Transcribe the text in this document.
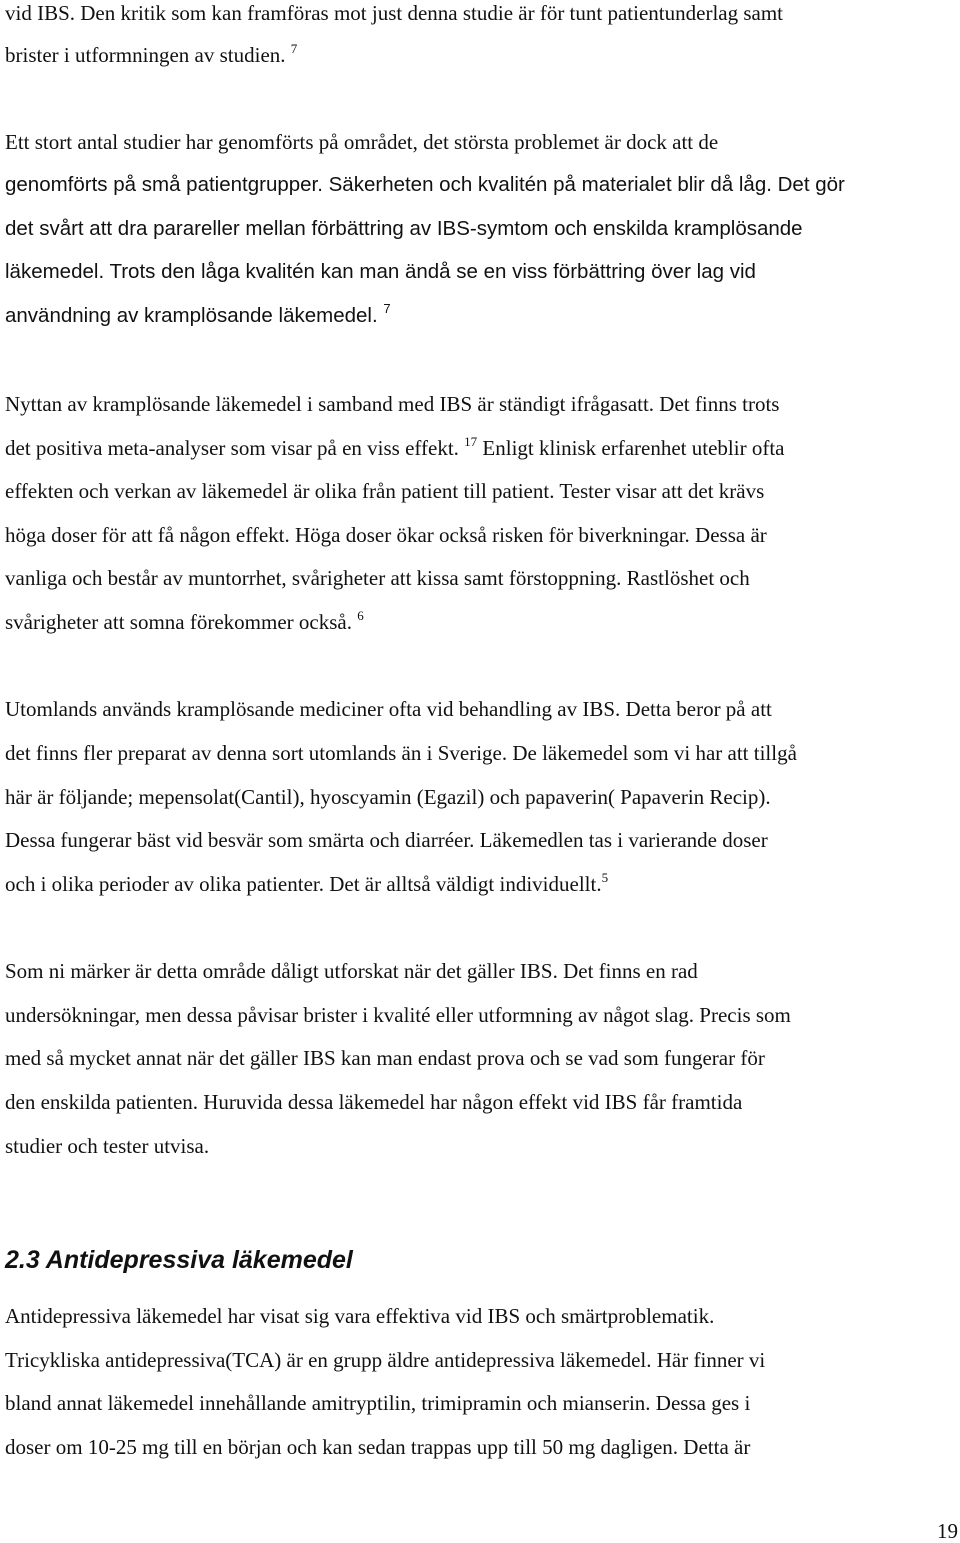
vid IBS. Den kritik som kan framföras mot just denna studie är för tunt patientunderlag samt
brister i utformningen av studien. $^7$
Ett stort antal studier har genomförts på området, det största problemet är dock att de
genomförts på små patientgrupper. Säkerheten och kvalitén på materialet blir då låg. Det gör
det svårt att dra parareller mellan förbättring av IBS-symtom och enskilda kramplösande
läkemedel. Trots den låga kvalitén kan man ändå se en viss förbättring över lag vid
användning av kramplösande läkemedel. $^7$
Nyttan av kramplösande läkemedel i samband med IBS är ständigt ifrågasatt. Det finns trots
det positiva meta-analyser som visar på en viss effekt. $^{17}$ Enligt klinisk erfarenhet uteblir ofta
effekten och verkan av läkemedel är olika från patient till patient. Tester visar att det krävs
höga doser för att få någon effekt. Höga doser ökar också risken för biverkningar. Dessa är
vanliga och består av muntorrhet, svårigheter att kissa samt förstoppning. Rastlöshet och
svårigheter att somna förekommer också. $^6$
Utomlands används kramplösande mediciner ofta vid behandling av IBS. Detta beror på att
det finns fler preparat av denna sort utomlands än i Sverige. De läkemedel som vi har att tillgå
här är följande; mepensolat(Cantil), hyoscyamin (Egazil) och papaverin( Papaverin Recip).
Dessa fungerar bäst vid besvär som smärta och diarréer. Läkemedlen tas i varierande doser
och i olika perioder av olika patienter. Det är alltså väldigt individuellt.$^5$
Som ni märker är detta område dåligt utforskat när det gäller IBS. Det finns en rad
undersökningar, men dessa påvisar brister i kvalité eller utformning av något slag. Precis som
med så mycket annat när det gäller IBS kan man endast prova och se vad som fungerar för
den enskilda patienten. Huruvida dessa läkemedel har någon effekt vid IBS får framtida
studier och tester utvisa.
2.3 Antidepressiva läkemedel
Antidepressiva läkemedel har visat sig vara effektiva vid IBS och smärtproblematik.
Tricykliska antidepressiva(TCA) är en grupp äldre antidepressiva läkemedel. Här finner vi
bland annat läkemedel innehållande amitryptilin, trimipramin och mianserin. Dessa ges i
doser om 10-25 mg till en början och kan sedan trappas upp till 50 mg dagligen. Detta är
19
